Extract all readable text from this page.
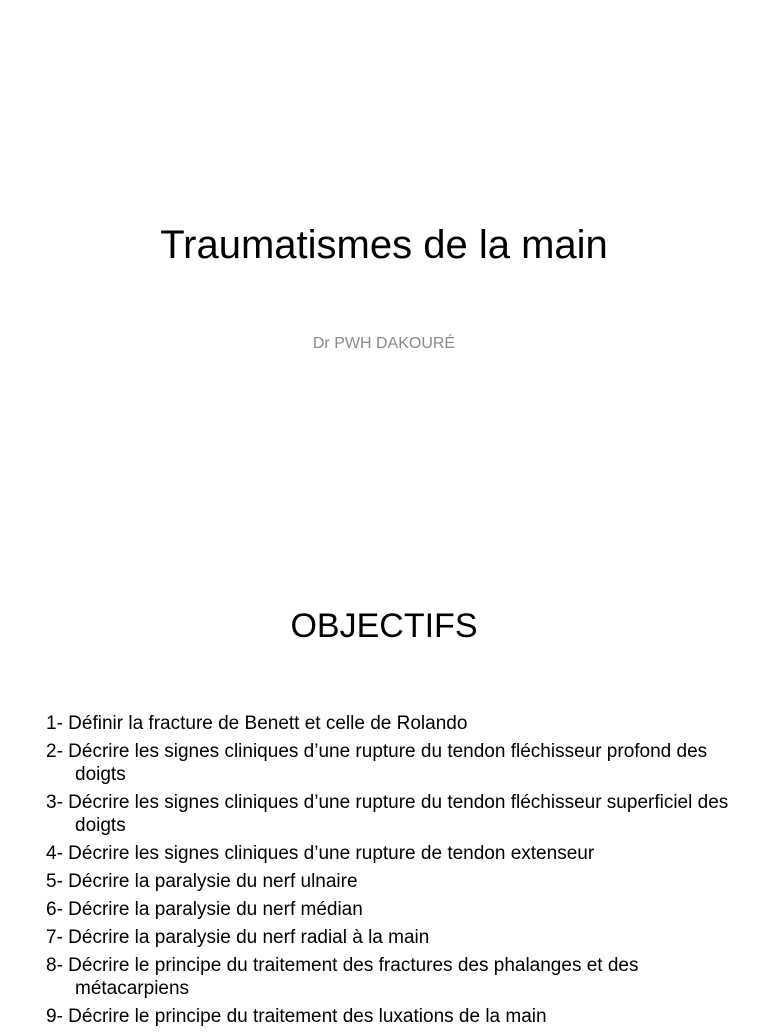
Traumatismes de la main
Dr PWH DAKOURÉ
OBJECTIFS
1- Définir la fracture de Benett et celle de Rolando
2- Décrire les signes cliniques d’une rupture du tendon fléchisseur profond des doigts
3- Décrire les signes cliniques d’une rupture du tendon fléchisseur superficiel des doigts
4- Décrire les signes cliniques d’une rupture de tendon extenseur
5- Décrire la paralysie du nerf ulnaire
6- Décrire la paralysie du nerf médian
7- Décrire la paralysie du nerf radial à la main
8- Décrire le principe du traitement des fractures des phalanges et des métacarpiens
9- Décrire le principe du traitement des luxations de la main
